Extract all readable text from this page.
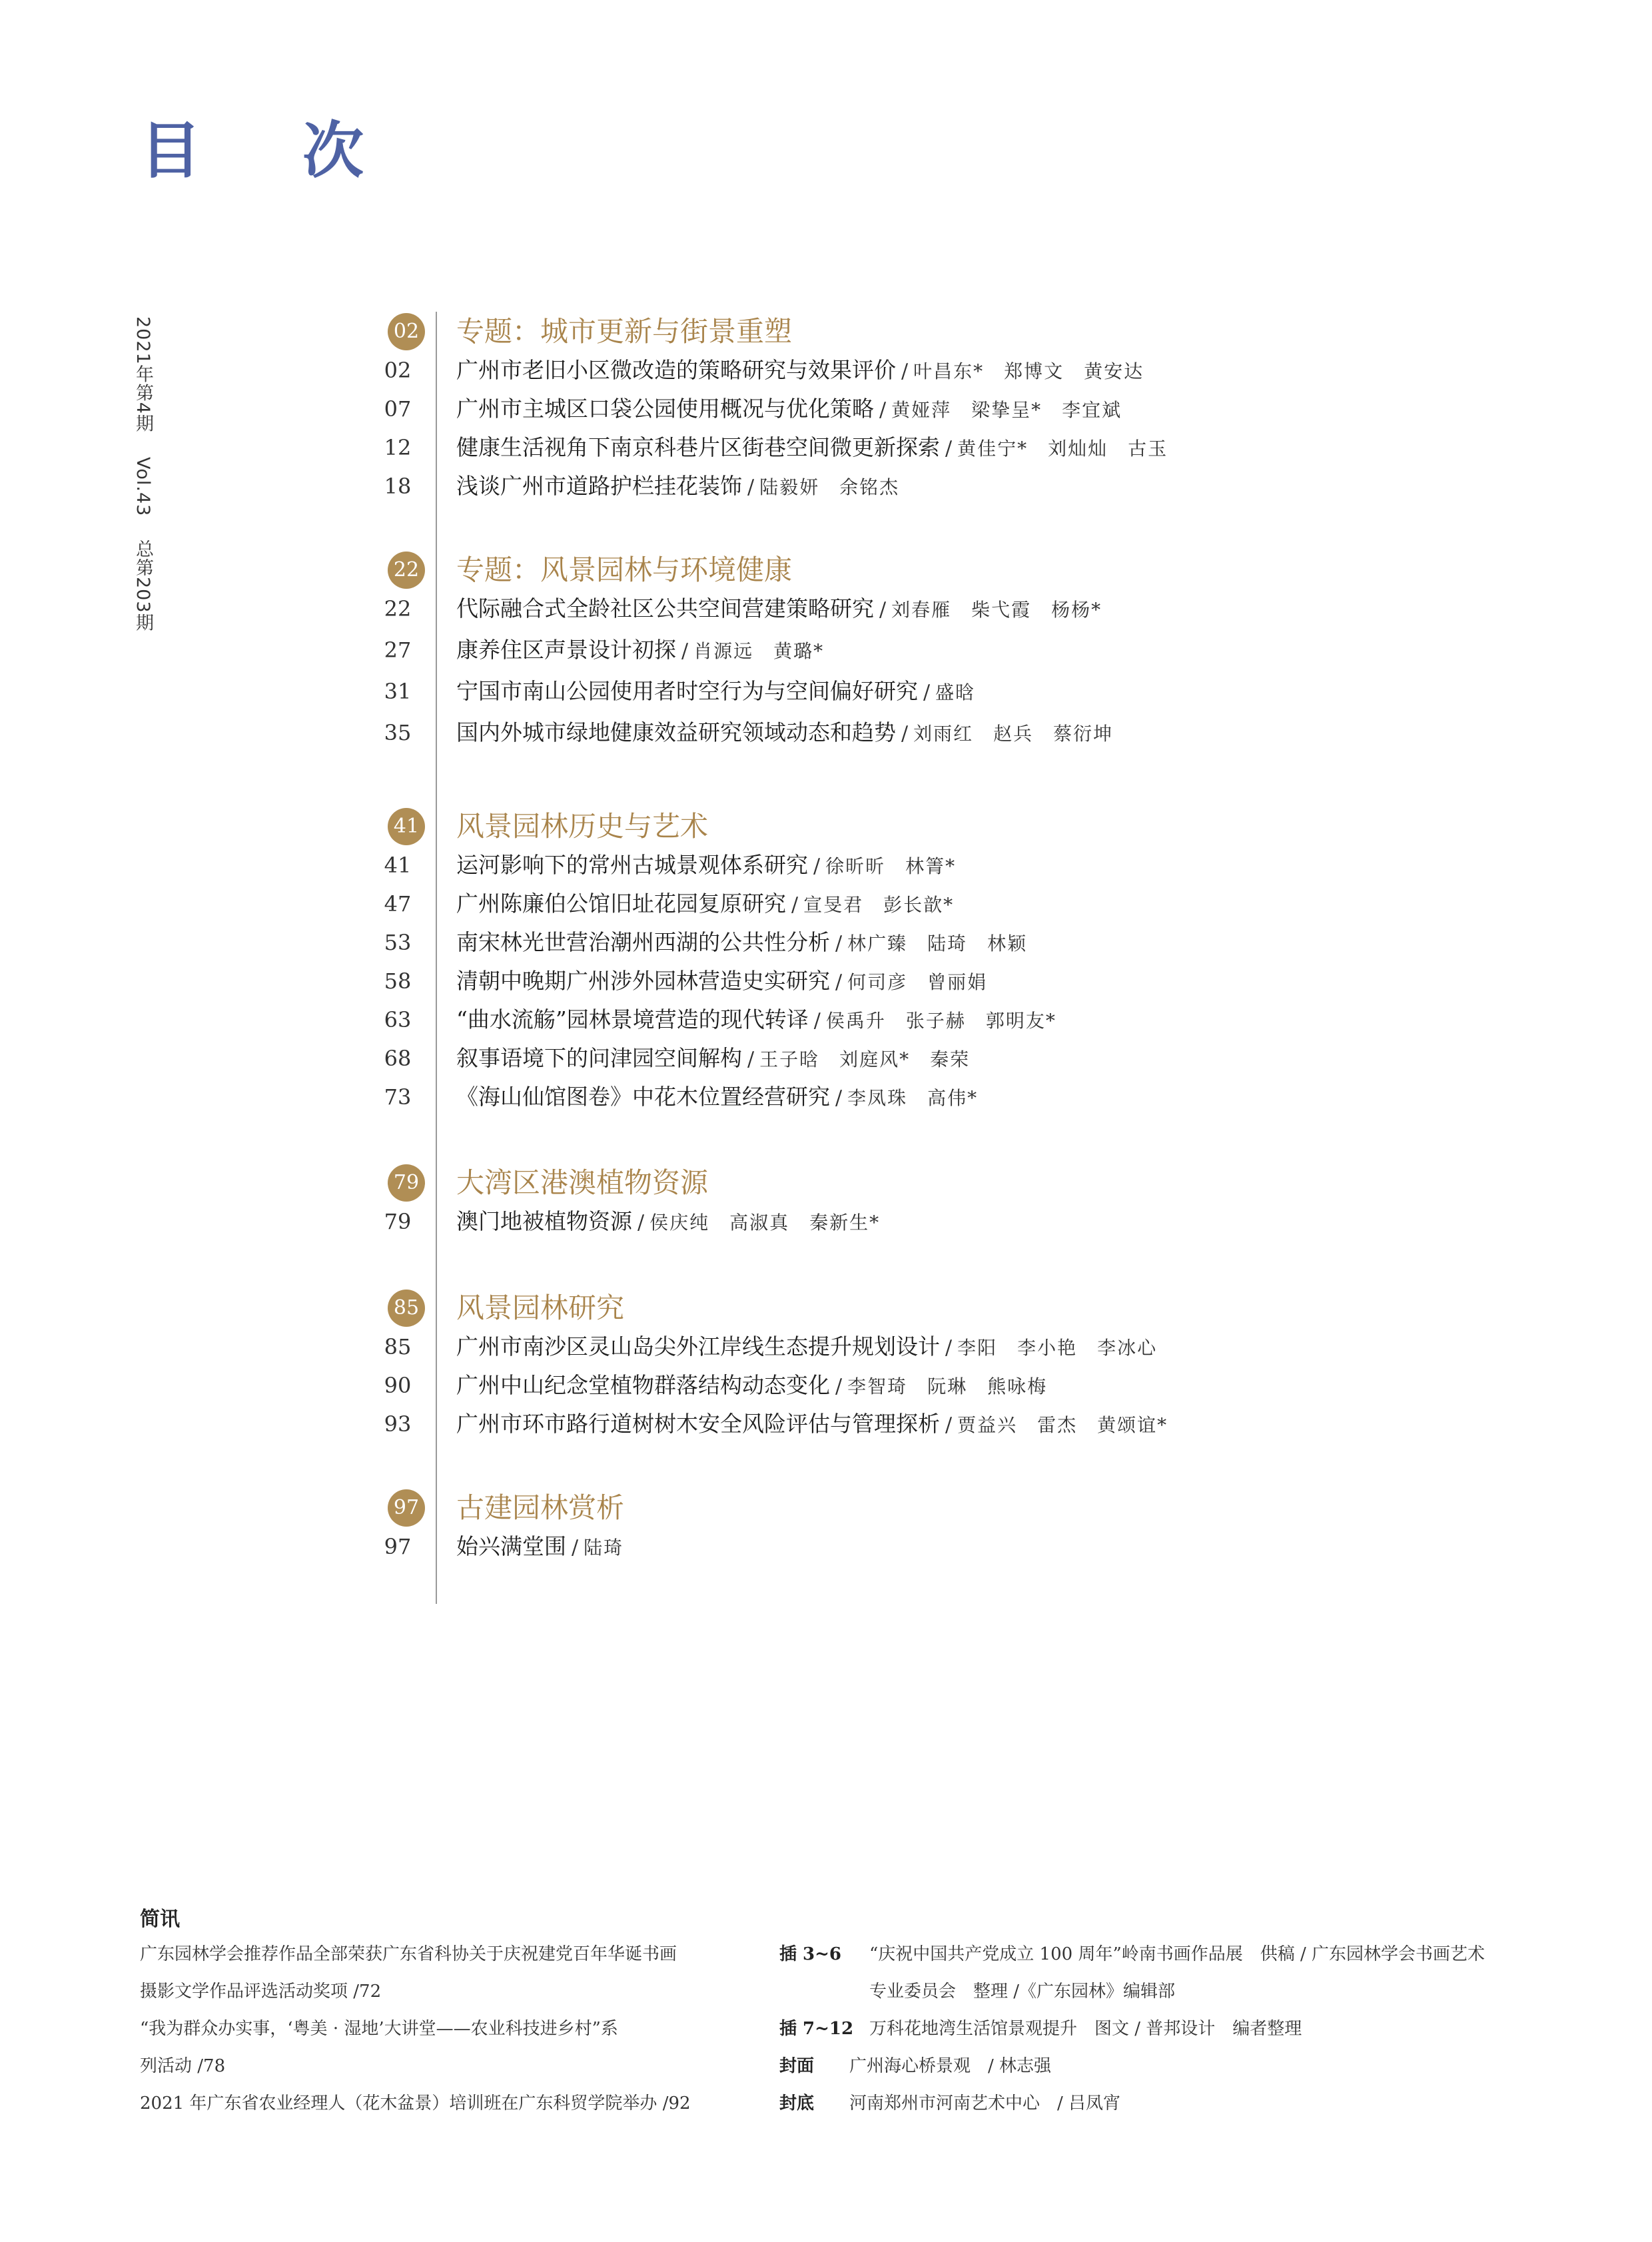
目 次
2021年第4期 Vol.43 总第203期
02 专题：城市更新与街景重塑
02	广州市老旧小区微改造的策略研究与效果评价 / 叶昌东*　郑博文　黄安达
07	广州市主城区口袋公园使用概况与优化策略 / 黄娅萍　梁挚呈*　李宜斌
12	健康生活视角下南京科巷片区街巷空间微更新探索 / 黄佳宁*　刘灿灿　古玉
18	浅谈广州市道路护栏挂花装饰 / 陆毅妍　余铭杰
22 专题：风景园林与环境健康
22	代际融合式全龄社区公共空间营建策略研究 / 刘春雁　柴弋霞　杨杨*
27	康养住区声景设计初探 / 肖源远　黄璐*
31	宁国市南山公园使用者时空行为与空间偏好研究 / 盛晗
35	国内外城市绿地健康效益研究领域动态和趋势 / 刘雨红　赵兵　蔡衍坤
41 风景园林历史与艺术
41	运河影响下的常州古城景观体系研究 / 徐昕昕　林箐*
47	广州陈廉伯公馆旧址花园复原研究 / 宣旻君　彭长歆*
53	南宋林光世营治潮州西湖的公共性分析 / 林广臻　陆琦　林颖
58	清朝中晚期广州涉外园林营造史实研究 / 何司彦　曾丽娟
63	“曲水流觞”园林景境营造的现代转译 / 侯禹升　张子赫　郭明友*
68	叙事语境下的问津园空间解构 / 王子晗　刘庭风*　秦荣
73	《海山仙馆图卷》中花木位置经营研究 / 李凤珠　高伟*
79 大湾区港澳植物资源
79	澳门地被植物资源 / 侯庆纯　高淑真　秦新生*
85 风景园林研究
85	广州市南沙区灵山岛尖外江岸线生态提升规划设计 / 李阳　李小艳　李冰心
90	广州中山纪念堂植物群落结构动态变化 / 李智琦　阮琳　熊咏梅
93	广州市环市路行道树树木安全风险评估与管理探析 / 贾益兴　雷杰　黄颂谊*
97 古建园林赏析
97	始兴满堂围 / 陆琦
简讯
广东园林学会推荐作品全部荣获广东省科协关于庆祝建党百年华诞书画
摄影文学作品评选活动奖项 /72
“我为群众办实事，‘粤美 · 湿地’大讲堂——农业科技进乡村”系
列活动 /78
2021 年广东省农业经理人（花木盆景）培训班在广东科贸学院举办 /92
插 3~6 “庆祝中国共产党成立 100 周年”岭南书画作品展　供稿 / 广东园林学会书画艺术

专业委员会　整理 /《广东园林》编辑部

插 7~12 万科花地湾生活馆景观提升　图文 / 普邦设计　编者整理

封面 广州海心桥景观　/ 林志强

封底 河南郑州市河南艺术中心　/ 吕凤宵
